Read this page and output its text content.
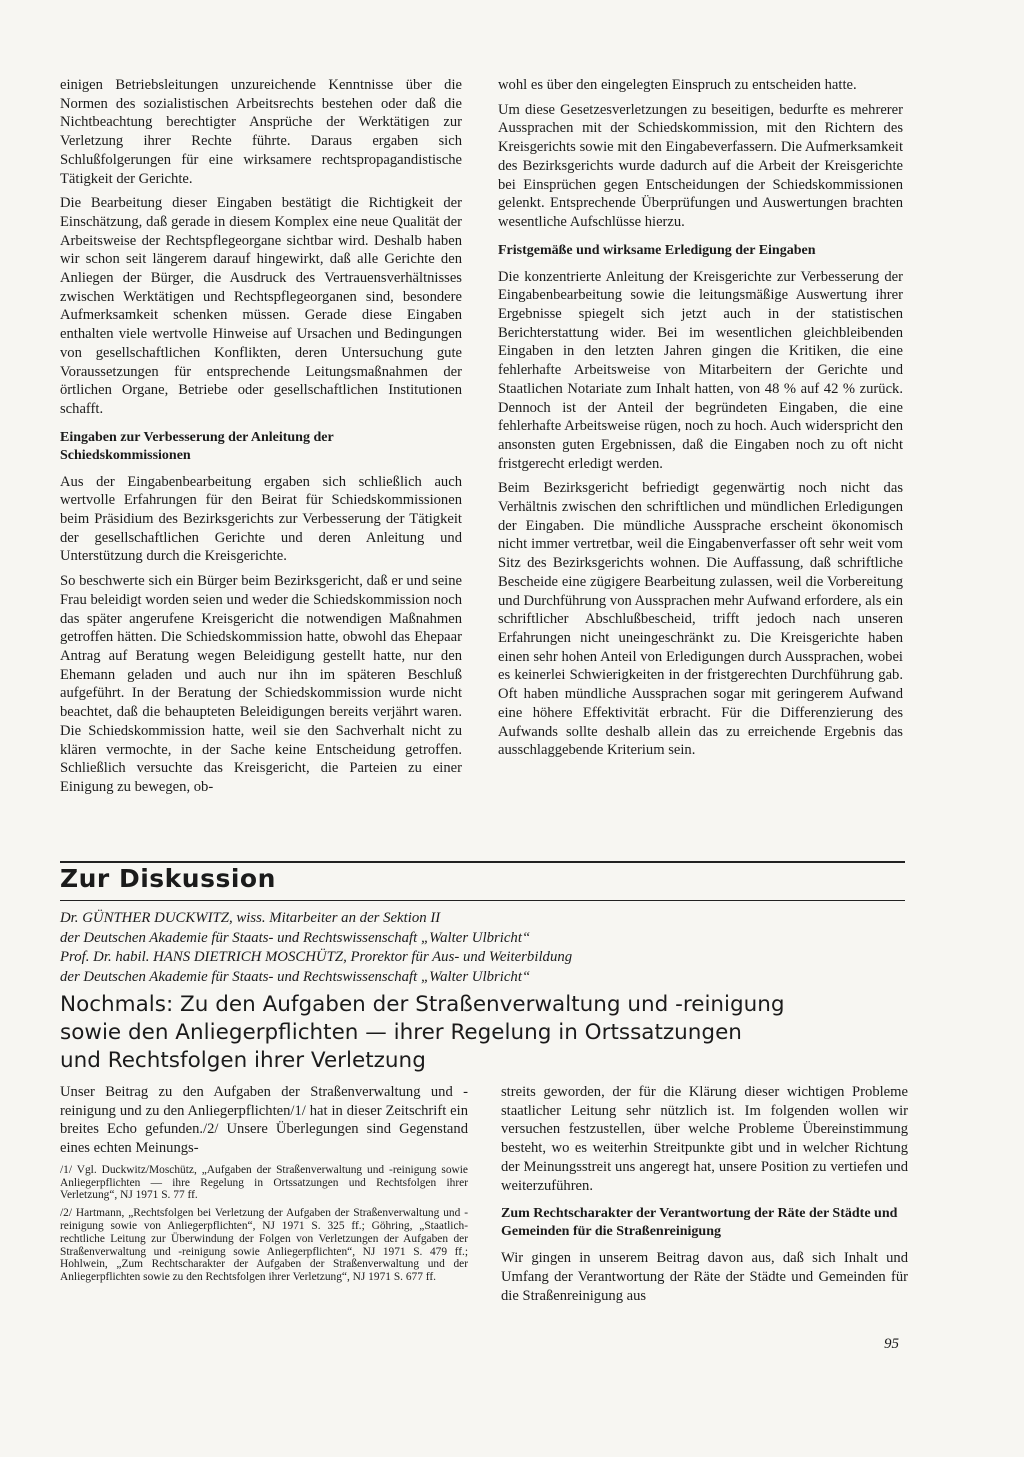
einigen Betriebsleitungen unzureichende Kenntnisse über die Normen des sozialistischen Arbeitsrechts bestehen oder daß die Nichtbeachtung berechtigter Ansprüche der Werktätigen zur Verletzung ihrer Rechte führte. Daraus ergaben sich Schlußfolgerungen für eine wirksamere rechtspropagandistische Tätigkeit der Gerichte.

Die Bearbeitung dieser Eingaben bestätigt die Richtigkeit der Einschätzung, daß gerade in diesem Komplex eine neue Qualität der Arbeitsweise der Rechtspflegeorgane sichtbar wird. Deshalb haben wir schon seit längerem darauf hingewirkt, daß alle Gerichte den Anliegen der Bürger, die Ausdruck des Vertrauensverhältnisses zwischen Werktätigen und Rechtspflegeorganen sind, besondere Aufmerksamkeit schenken müssen. Gerade diese Eingaben enthalten viele wertvolle Hinweise auf Ursachen und Bedingungen von gesellschaftlichen Konflikten, deren Untersuchung gute Voraussetzungen für entsprechende Leitungsmaßnahmen der örtlichen Organe, Betriebe oder gesellschaftlichen Institutionen schafft.

Eingaben zur Verbesserung der Anleitung der Schiedskommissionen

Aus der Eingabenbearbeitung ergaben sich schließlich auch wertvolle Erfahrungen für den Beirat für Schiedskommissionen beim Präsidium des Bezirksgerichts zur Verbesserung der Tätigkeit der gesellschaftlichen Gerichte und deren Anleitung und Unterstützung durch die Kreisgerichte.

So beschwerte sich ein Bürger beim Bezirksgericht, daß er und seine Frau beleidigt worden seien und weder die Schiedskommission noch das später angerufene Kreisgericht die notwendigen Maßnahmen getroffen hätten. Die Schiedskommission hatte, obwohl das Ehepaar Antrag auf Beratung wegen Beleidigung gestellt hatte, nur den Ehemann geladen und auch nur ihn im späteren Beschluß aufgeführt. In der Beratung der Schiedskommission wurde nicht beachtet, daß die behaupteten Beleidigungen bereits verjährt waren. Die Schiedskommission hatte, weil sie den Sachverhalt nicht zu klären vermochte, in der Sache keine Entscheidung getroffen. Schließlich versuchte das Kreisgericht, die Parteien zu einer Einigung zu bewegen, ob-

wohl es über den eingelegten Einspruch zu entscheiden hatte.

Um diese Gesetzesverletzungen zu beseitigen, bedurfte es mehrerer Aussprachen mit der Schiedskommission, mit den Richtern des Kreisgerichts sowie mit den Eingabeverfassern. Die Aufmerksamkeit des Bezirksgerichts wurde dadurch auf die Arbeit der Kreisgerichte bei Einsprüchen gegen Entscheidungen der Schiedskommissionen gelenkt. Entsprechende Überprüfungen und Auswertungen brachten wesentliche Aufschlüsse hierzu.

Fristgemäße und wirksame Erledigung der Eingaben

Die konzentrierte Anleitung der Kreisgerichte zur Verbesserung der Eingabenbearbeitung sowie die leitungsmäßige Auswertung ihrer Ergebnisse spiegelt sich jetzt auch in der statistischen Berichterstattung wider. Bei im wesentlichen gleichbleibenden Eingaben in den letzten Jahren gingen die Kritiken, die eine fehlerhafte Arbeitsweise von Mitarbeitern der Gerichte und Staatlichen Notariate zum Inhalt hatten, von 48 % auf 42 % zurück. Dennoch ist der Anteil der begründeten Eingaben, die eine fehlerhafte Arbeitsweise rügen, noch zu hoch. Auch widerspricht den ansonsten guten Ergebnissen, daß die Eingaben noch zu oft nicht fristgerecht erledigt werden.

Beim Bezirksgericht befriedigt gegenwärtig noch nicht das Verhältnis zwischen den schriftlichen und mündlichen Erledigungen der Eingaben. Die mündliche Aussprache erscheint ökonomisch nicht immer vertretbar, weil die Eingabenverfasser oft sehr weit vom Sitz des Bezirksgerichts wohnen. Die Auffassung, daß schriftliche Bescheide eine zügigere Bearbeitung zulassen, weil die Vorbereitung und Durchführung von Aussprachen mehr Aufwand erfordere, als ein schriftlicher Abschlußbescheid, trifft jedoch nach unseren Erfahrungen nicht uneingeschränkt zu. Die Kreisgerichte haben einen sehr hohen Anteil von Erledigungen durch Aussprachen, wobei es keinerlei Schwierigkeiten in der fristgerechten Durchführung gab. Oft haben mündliche Aussprachen sogar mit geringerem Aufwand eine höhere Effektivität erbracht. Für die Differenzierung des Aufwands sollte deshalb allein das zu erreichende Ergebnis das ausschlaggebende Kriterium sein.

Zur Diskussion
Dr. GÜNTHER DUCKWITZ, wiss. Mitarbeiter an der Sektion II
der Deutschen Akademie für Staats- und Rechtswissenschaft „Walter Ulbricht“
Prof. Dr. habil. HANS DIETRICH MOSCHÜTZ, Prorektor für Aus- und Weiterbildung
der Deutschen Akademie für Staats- und Rechtswissenschaft „Walter Ulbricht“
Nochmals: Zu den Aufgaben der Straßenverwaltung und -reinigung
sowie den Anliegerpflichten — ihrer Regelung in Ortssatzungen
und Rechtsfolgen ihrer Verletzung

Unser Beitrag zu den Aufgaben der Straßenverwaltung und -reinigung und zu den Anliegerpflichten/1/ hat in dieser Zeitschrift ein breites Echo gefunden./2/ Unsere Überlegungen sind Gegenstand eines echten Meinungs-

/1/ Vgl. Duckwitz/Moschütz, „Aufgaben der Straßenverwaltung und -reinigung sowie Anliegerpflichten — ihre Regelung in Ortssatzungen und Rechtsfolgen ihrer Verletzung“, NJ 1971 S. 77 ff.

/2/ Hartmann, „Rechtsfolgen bei Verletzung der Aufgaben der Straßenverwaltung und -reinigung sowie von Anliegerpflichten“, NJ 1971 S. 325 ff.; Göhring, „Staatlich-rechtliche Leitung zur Überwindung der Folgen von Verletzungen der Aufgaben der Straßenverwaltung und -reinigung sowie Anliegerpflichten“, NJ 1971 S. 479 ff.; Hohlwein, „Zum Rechtscharakter der Aufgaben der Straßenverwaltung und der Anliegerpflichten sowie zu den Rechtsfolgen ihrer Verletzung“, NJ 1971 S. 677 ff.

streits geworden, der für die Klärung dieser wichtigen Probleme staatlicher Leitung sehr nützlich ist. Im folgenden wollen wir versuchen festzustellen, über welche Probleme Übereinstimmung besteht, wo es weiterhin Streitpunkte gibt und in welcher Richtung der Meinungsstreit uns angeregt hat, unsere Position zu vertiefen und weiterzuführen.

Zum Rechtscharakter der Verantwortung der Räte der Städte und Gemeinden für die Straßenreinigung

Wir gingen in unserem Beitrag davon aus, daß sich Inhalt und Umfang der Verantwortung der Räte der Städte und Gemeinden für die Straßenreinigung aus

95
